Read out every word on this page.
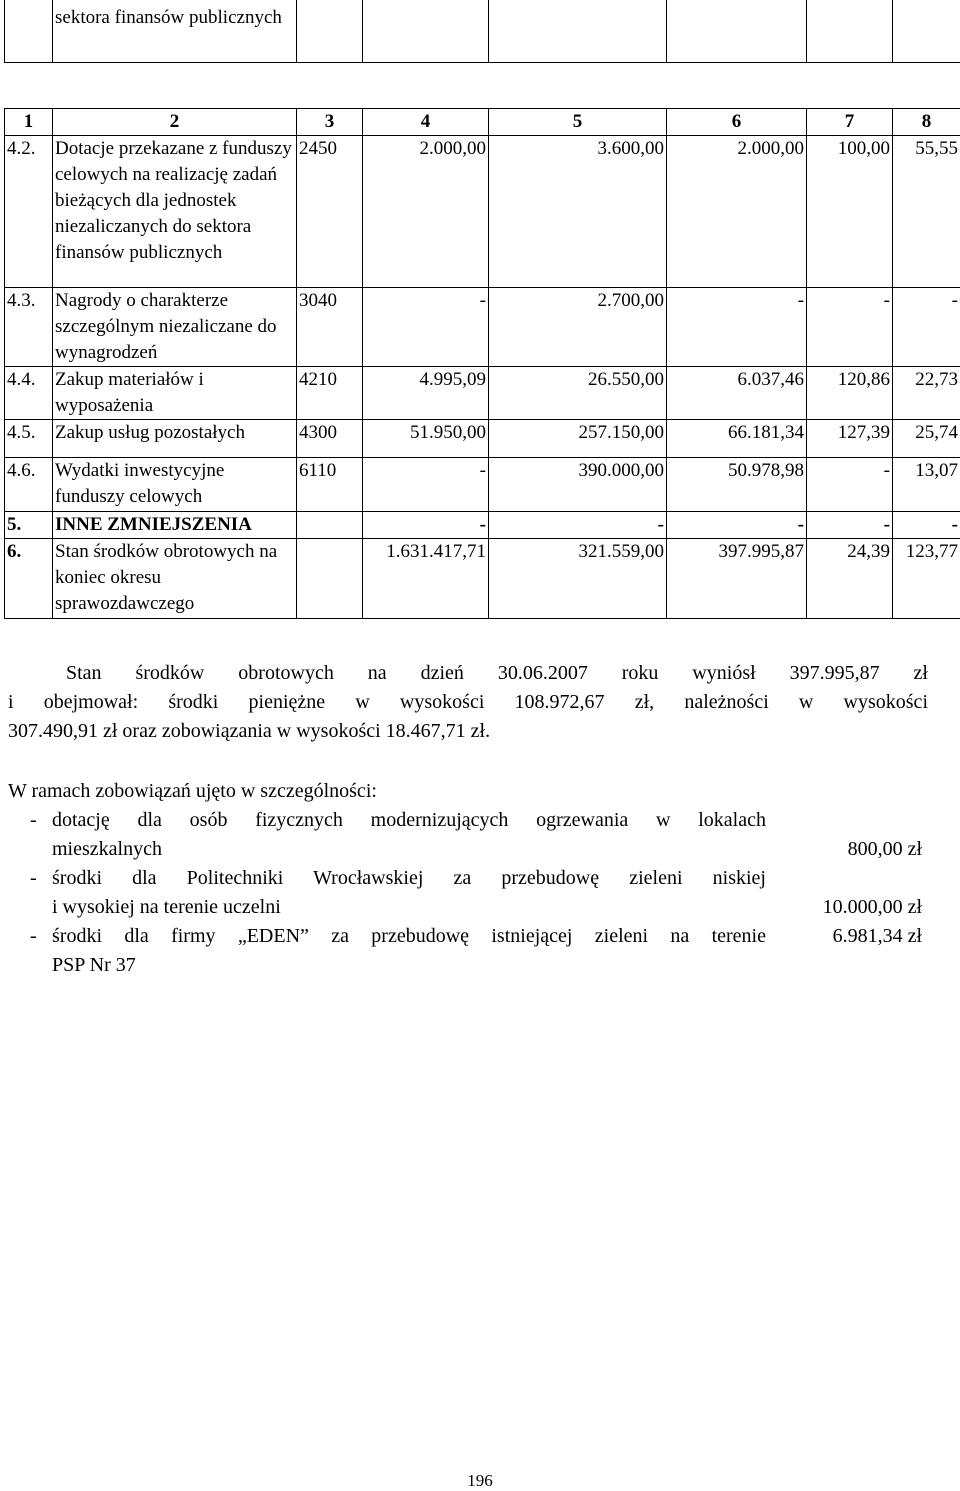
	sektora finansów publicznych						
1	2	3	4	5	6	7	8
4.2.	Dotacje przekazane z funduszy celowych na realizację zadań bieżących dla jednostek niezaliczanych do sektora finansów publicznych	2450	2.000,00	3.600,00	2.000,00	100,00	55,55
4.3.	Nagrody o charakterze szczególnym niezaliczane do wynagrodzeń	3040	-	2.700,00	-	-	-
4.4.	Zakup materiałów i wyposażenia	4210	4.995,09	26.550,00	6.037,46	120,86	22,73
4.5.	Zakup usług pozostałych	4300	51.950,00	257.150,00	66.181,34	127,39	25,74
4.6.	Wydatki inwestycyjne funduszy celowych	6110	-	390.000,00	50.978,98	-	13,07
5.	INNE ZMNIEJSZENIA		-	-	-	-	-
6.	Stan środków obrotowych na koniec okresu sprawozdawczego		1.631.417,71	321.559,00	397.995,87	24,39	123,77
Stan środków obrotowych na dzień 30.06.2007 roku wyniósł 397.995,87 zł
i obejmował: środki pieniężne w wysokości 108.972,67 zł, należności w wysokości
307.490,91 zł oraz zobowiązania w wysokości 18.467,71 zł.
W ramach zobowiązań ujęto w szczególności:
- dotację dla osób fizycznych modernizujących ogrzewania w lokalach
mieszkalnych	800,00 zł
- środki dla Politechniki Wrocławskiej za przebudowę zieleni niskiej
i wysokiej na terenie uczelni	10.000,00 zł
- środki dla firmy „EDEN” za przebudowę istniejącej zieleni na terenie
PSP Nr 37
6.981,34 zł
196
